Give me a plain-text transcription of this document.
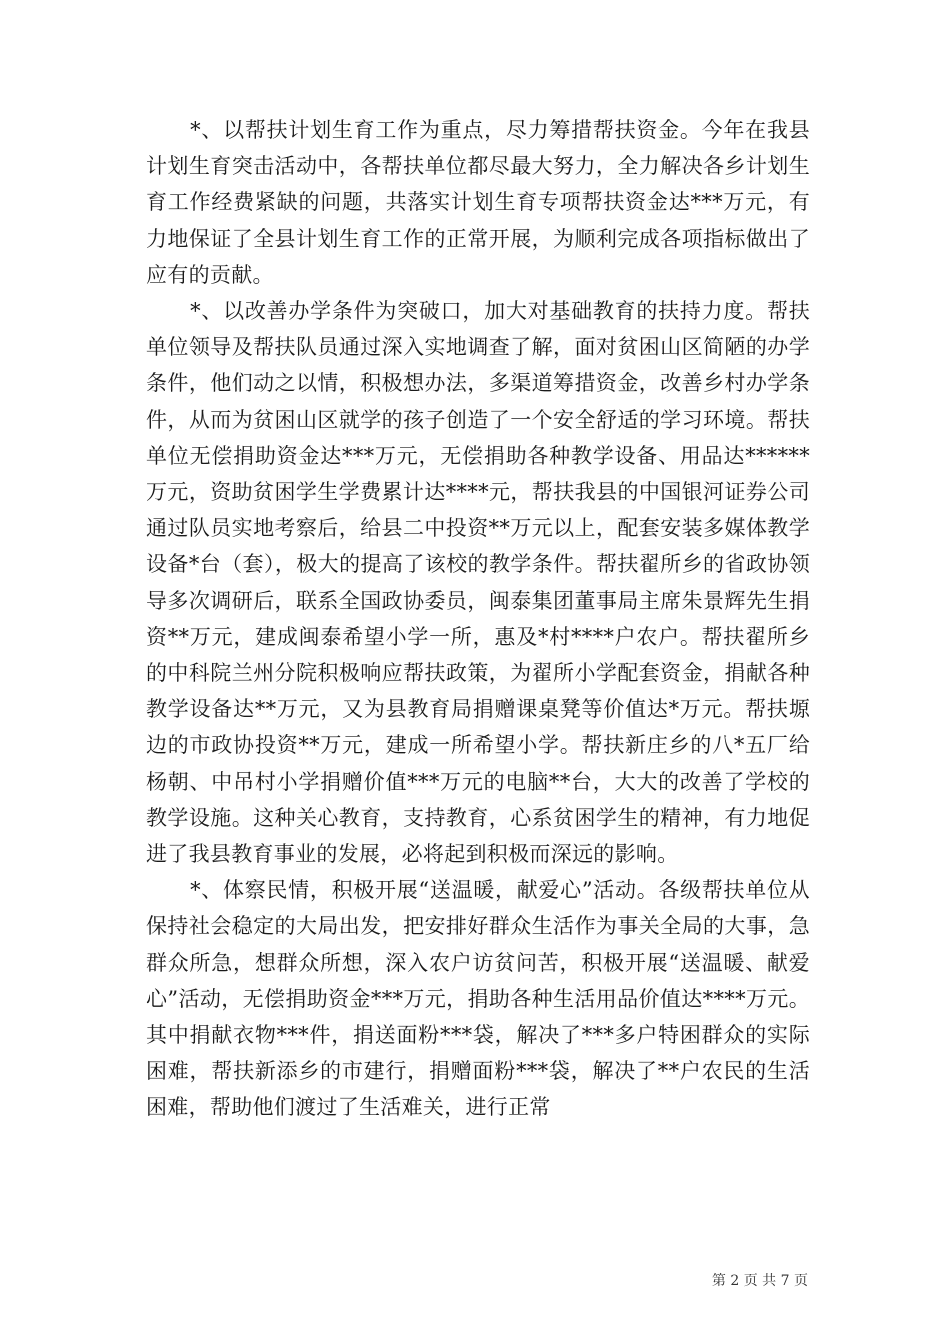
*、以帮扶计划生育工作为重点，尽力筹措帮扶资金。今年在我县计划生育突击活动中，各帮扶单位都尽最大努力，全力解决各乡计划生育工作经费紧缺的问题，共落实计划生育专项帮扶资金达***万元，有力地保证了全县计划生育工作的正常开展，为顺利完成各项指标做出了应有的贡献。

*、以改善办学条件为突破口，加大对基础教育的扶持力度。帮扶单位领导及帮扶队员通过深入实地调查了解，面对贫困山区简陋的办学条件，他们动之以情，积极想办法，多渠道筹措资金，改善乡村办学条件，从而为贫困山区就学的孩子创造了一个安全舒适的学习环境。帮扶单位无偿捐助资金达***万元，无偿捐助各种教学设备、用品达******万元，资助贫困学生学费累计达****元，帮扶我县的中国银河证券公司通过队员实地考察后，给县二中投资**万元以上，配套安装多媒体教学设备*台（套），极大的提高了该校的教学条件。帮扶翟所乡的省政协领导多次调研后，联系全国政协委员，闽泰集团董事局主席朱景辉先生捐资**万元，建成闽泰希望小学一所，惠及*村****户农户。帮扶翟所乡的中科院兰州分院积极响应帮扶政策，为翟所小学配套资金，捐献各种教学设备达**万元，又为县教育局捐赠课桌凳等价值达*万元。帮扶塬边的市政协投资**万元，建成一所希望小学。帮扶新庄乡的八*五厂给杨朝、中吊村小学捐赠价值***万元的电脑**台，大大的改善了学校的教学设施。这种关心教育，支持教育，心系贫困学生的精神，有力地促进了我县教育事业的发展，必将起到积极而深远的影响。

*、体察民情，积极开展“送温暖，献爱心”活动。各级帮扶单位从保持社会稳定的大局出发，把安排好群众生活作为事关全局的大事，急群众所急，想群众所想，深入农户访贫问苦，积极开展“送温暖、献爱心”活动，无偿捐助资金***万元，捐助各种生活用品价值达****万元。其中捐献衣物***件，捐送面粉***袋，解决了***多户特困群众的实际困难，帮扶新添乡的市建行，捐赠面粉***袋，解决了**户农民的生活困难，帮助他们渡过了生活难关，进行正常

第 2 页 共 7 页
